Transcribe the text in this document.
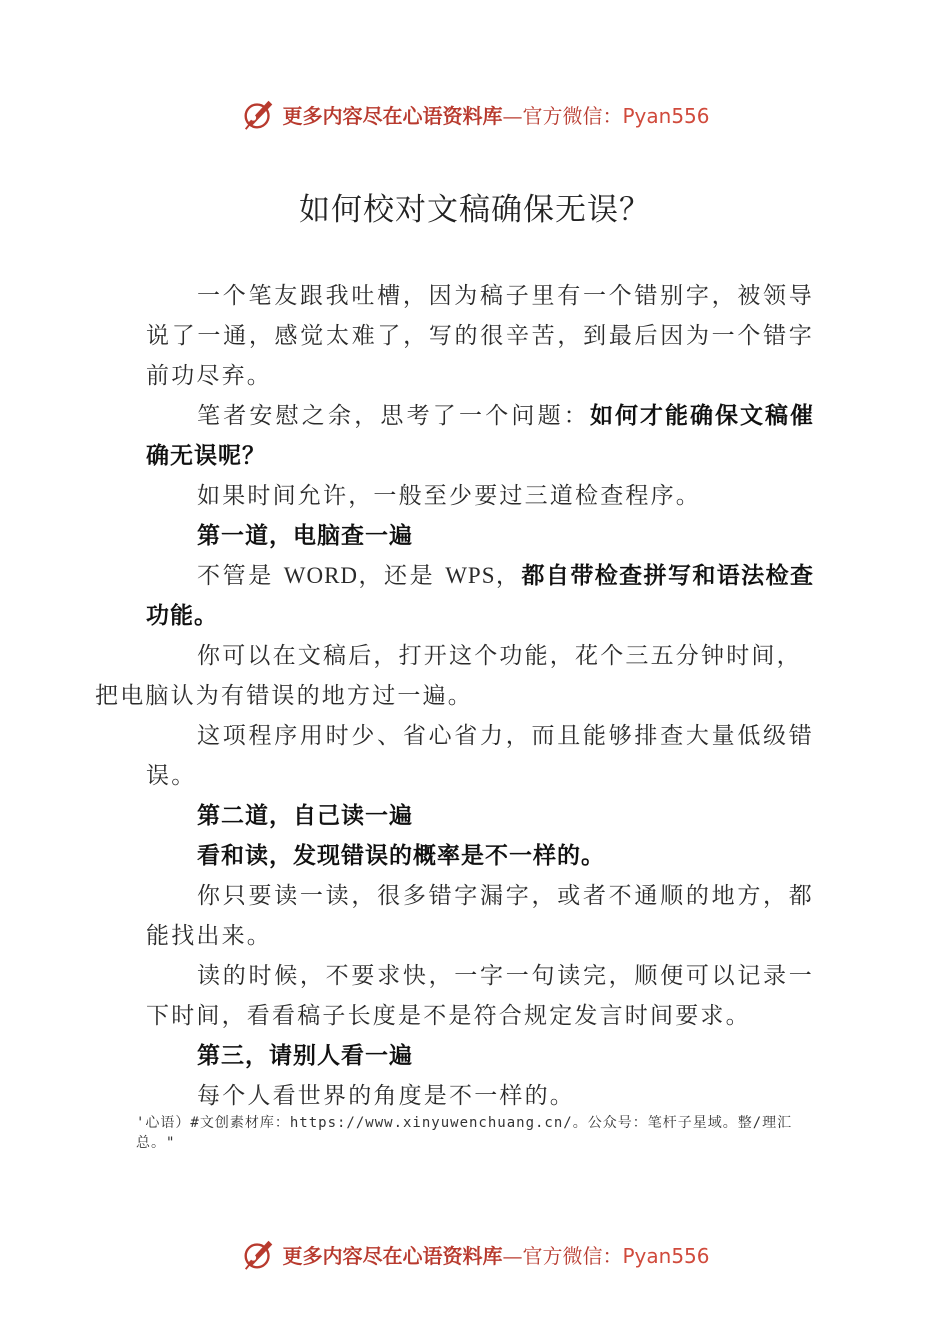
更多内容尽在心语资料库—官方微信：Pyan556
如何校对文稿确保无误？

一个笔友跟我吐槽，因为稿子里有一个错别字，被领导说了一通，感觉太难了，写的很辛苦，到最后因为一个错字前功尽弃。

笔者安慰之余，思考了一个问题：如何才能确保文稿催确无误呢？

如果时间允许，一般至少要过三道检查程序。

第一道，电脑查一遍

不管是 WORD，还是 WPS，都自带检查拼写和语法检查功能。

你可以在文稿后，打开这个功能，花个三五分钟时间，
把电脑认为有错误的地方过一遍。

这项程序用时少、省心省力，而且能够排查大量低级错误。

第二道，自己读一遍

看和读，发现错误的概率是不一样的。

你只要读一读，很多错字漏字，或者不通顺的地方，都能找出来。

读的时候，不要求快，一字一句读完，顺便可以记录一下时间，看看稿子长度是不是符合规定发言时间要求。

第三，请别人看一遍

每个人看世界的角度是不一样的。

'心语）#文创素材库：https://www.xinyuwenchuang.cn/。公众号：笔杆子星域。整/理汇总。"
更多内容尽在心语资料库—官方微信：Pyan556
